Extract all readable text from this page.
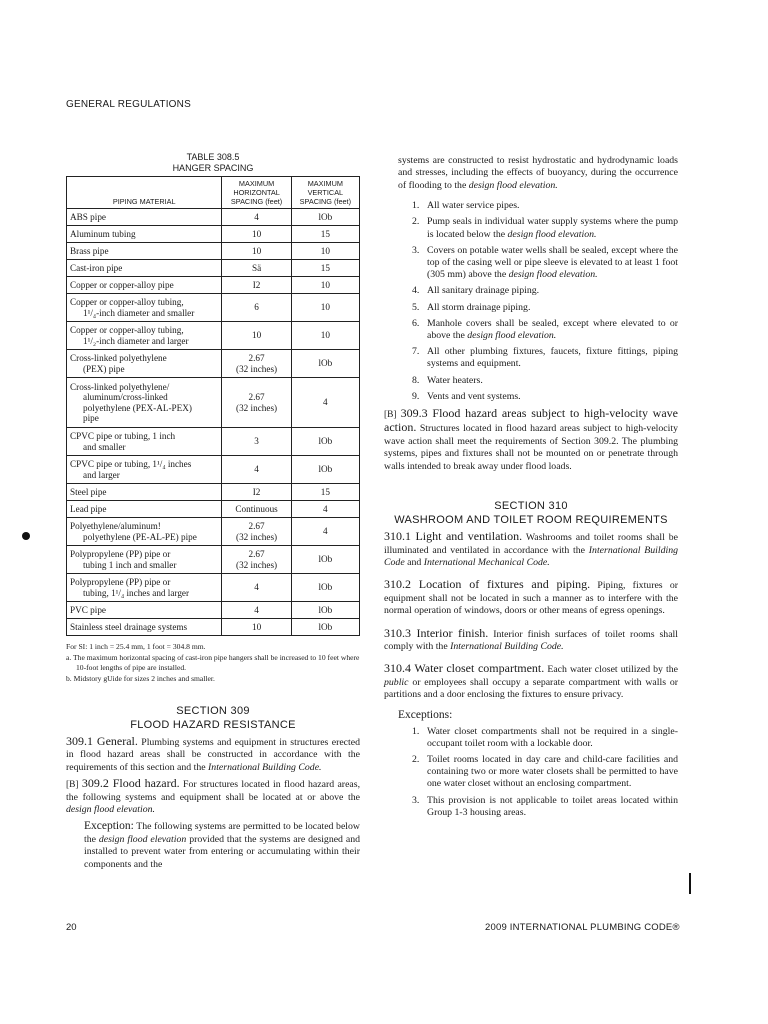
GENERAL REGULATIONS
TABLE 308.5
HANGER SPACING
PIPING MATERIAL	MAXIMUM HORIZONTAL SPACING (feet)	MAXIMUM VERTICAL SPACING (feet)

ABS pipe	4	lOb

Aluminum tubing	10	15

Brass pipe	10	10

Cast-iron pipe	Sä	15

Copper or copper-alloy pipe	I2	10

Copper or copper-alloy tubing,
1¹/₄-inch diameter and smaller	6	10

Copper or copper-alloy tubing,
1¹/₂-inch diameter and larger	10	10

Cross-linked polyethylene
(PEX) pipe	2.67
(32 inches)	lOb

Cross-linked polyethylene/
aluminum/cross-linked
polyethylene (PEX-AL-PEX)
pipe	2.67
(32 inches)	4

CPVC pipe or tubing, 1 inch
and smaller	3	lOb

CPVC pipe or tubing, 1¹/₄ inches
and larger	4	lOb

Steel pipe	I2	15

Lead pipe	Continuous	4

Polyethylene/aluminum!
polyethylene (PE-AL-PE) pipe	2.67
(32 inches)	4

Polypropylene (PP) pipe or
tubing 1 inch and smaller	2.67
(32 inches)	lOb

Polypropylene (PP) pipe or
tubing, 1¹/₄ inches and larger	4	lOb

PVC pipe	4	lOb

Stainless steel drainage systems	10	lOb
For SI: 1 inch = 25.4 mm, 1 foot = 304.8 mm.
a. The maximum horizontal spacing of cast-iron pipe hangers shall be increased to 10 feet where 10-foot lengths of pipe are installed.
b. Midstory gUide for sizes 2 inches and smaller.
SECTION 309
FLOOD HAZARD RESISTANCE

309.1 General. Plumbing systems and equipment in structures erected in flood hazard areas shall be constructed in accordance with the requirements of this section and the International Building Code.

[B] 309.2 Flood hazard. For structures located in flood hazard areas, the following systems and equipment shall be located at or above the design flood elevation.

Exception: The following systems are permitted to be located below the design flood elevation provided that the systems are designed and installed to prevent water from entering or accumulating within their components and the

systems are constructed to resist hydrostatic and hydrodynamic loads and stresses, including the effects of buoyancy, during the occurrence of flooding to the design flood elevation.

1. All water service pipes.
2. Pump seals in individual water supply systems where the pump is located below the design flood elevation.
3. Covers on potable water wells shall be sealed, except where the top of the casing well or pipe sleeve is elevated to at least 1 foot (305 mm) above the design flood elevation.
4. All sanitary drainage piping.
5. All storm drainage piping.
6. Manhole covers shall be sealed, except where elevated to or above the design flood elevation.
7. All other plumbing fixtures, faucets, fixture fittings, piping systems and equipment.
8. Water heaters.
9. Vents and vent systems.

[B] 309.3 Flood hazard areas subject to high-velocity wave action. Structures located in flood hazard areas subject to high-velocity wave action shall meet the requirements of Section 309.2. The plumbing systems, pipes and fixtures shall not be mounted on or penetrate through walls intended to break away under flood loads.

SECTION 310
WASHROOM AND TOILET ROOM REQUIREMENTS

310.1 Light and ventilation. Washrooms and toilet rooms shall be illuminated and ventilated in accordance with the International Building Code and International Mechanical Code.

310.2 Location of fixtures and piping. Piping, fixtures or equipment shall not be located in such a manner as to interfere with the normal operation of windows, doors or other means of egress openings.

310.3 Interior finish. Interior finish surfaces of toilet rooms shall comply with the International Building Code.

310.4 Water closet compartment. Each water closet utilized by the public or employees shall occupy a separate compartment with walls or partitions and a door enclosing the fixtures to ensure privacy.

Exceptions:
1. Water closet compartments shall not be required in a single-occupant toilet room with a lockable door.
2. Toilet rooms located in day care and child-care facilities and containing two or more water closets shall be permitted to have one water closet without an enclosing compartment.
3. This provision is not applicable to toilet areas located within Group 1-3 housing areas.
20	2009 INTERNATIONAL PLUMBING CODE®
